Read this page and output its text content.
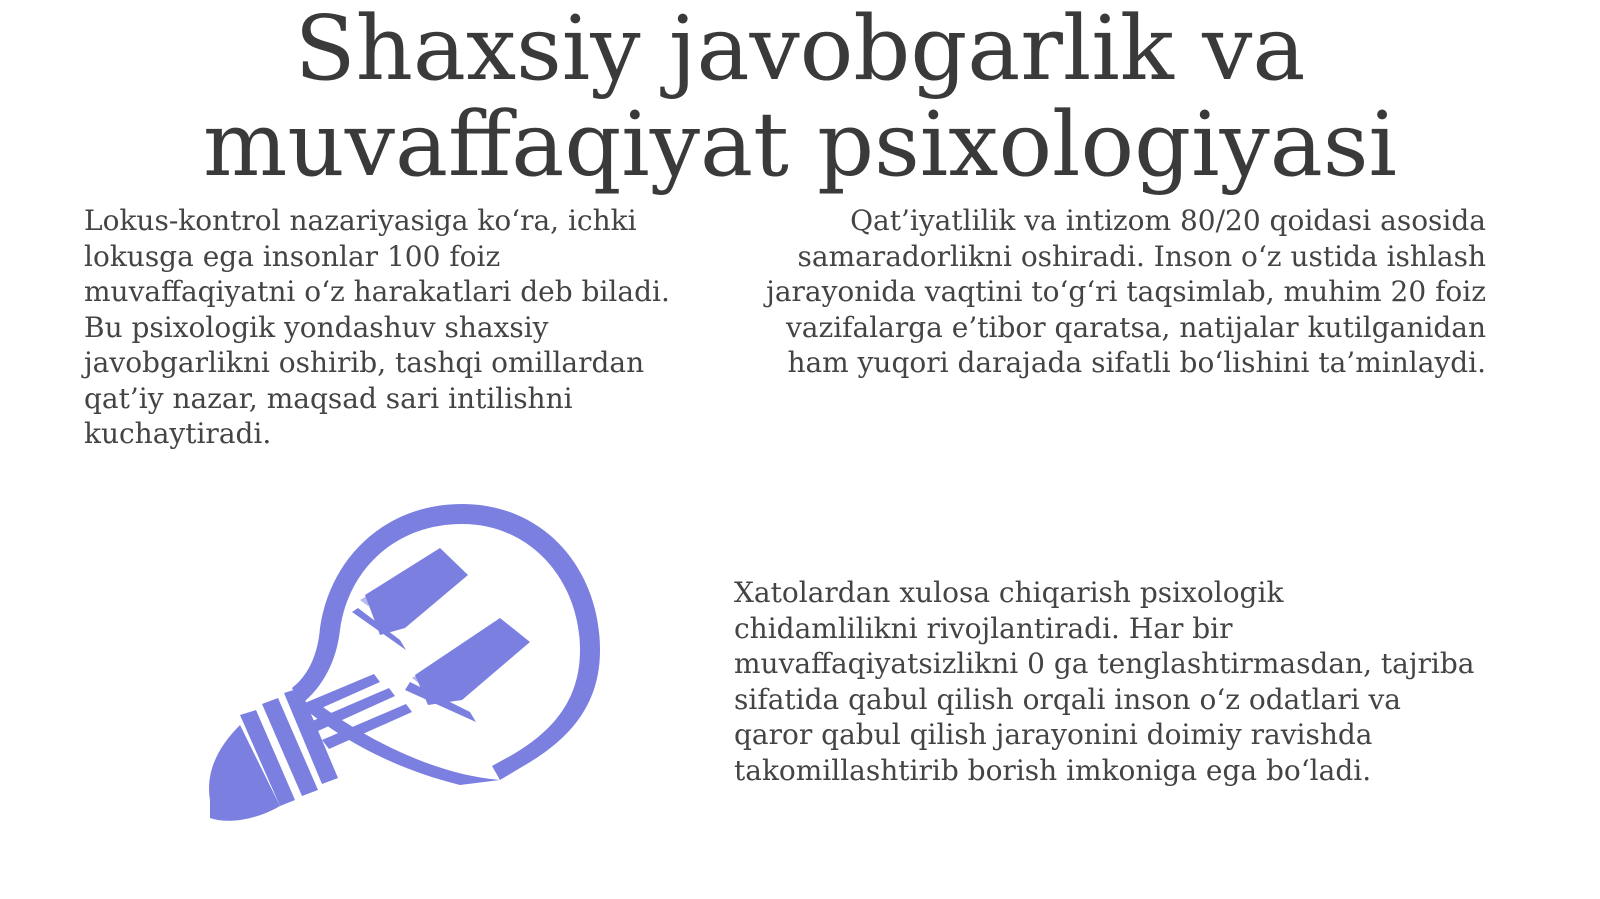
Shaxsiy javobgarlik va
muvaffaqiyat psixologiyasi

Lokus-kontrol nazariyasiga ko‘ra, ichki
lokusga ega insonlar 100 foiz
muvaffaqiyatni o‘z harakatlari deb biladi.
Bu psixologik yondashuv shaxsiy
javobgarlikni oshirib, tashqi omillardan
qat’iy nazar, maqsad sari intilishni
kuchaytiradi.

Qat’iyatlilik va intizom 80/20 qoidasi asosida
samaradorlikni oshiradi. Inson o‘z ustida ishlash
jarayonida vaqtini to‘g‘ri taqsimlab, muhim 20 foiz
vazifalarga e’tibor qaratsa, natijalar kutilganidan
ham yuqori darajada sifatli bo‘lishini ta’minlaydi.

Xatolardan xulosa chiqarish psixologik
chidamlilikni rivojlantiradi. Har bir
muvaffaqiyatsizlikni 0 ga tenglashtirmasdan, tajriba
sifatida qabul qilish orqali inson o‘z odatlari va
qaror qabul qilish jarayonini doimiy ravishda
takomillashtirib borish imkoniga ega bo‘ladi.
